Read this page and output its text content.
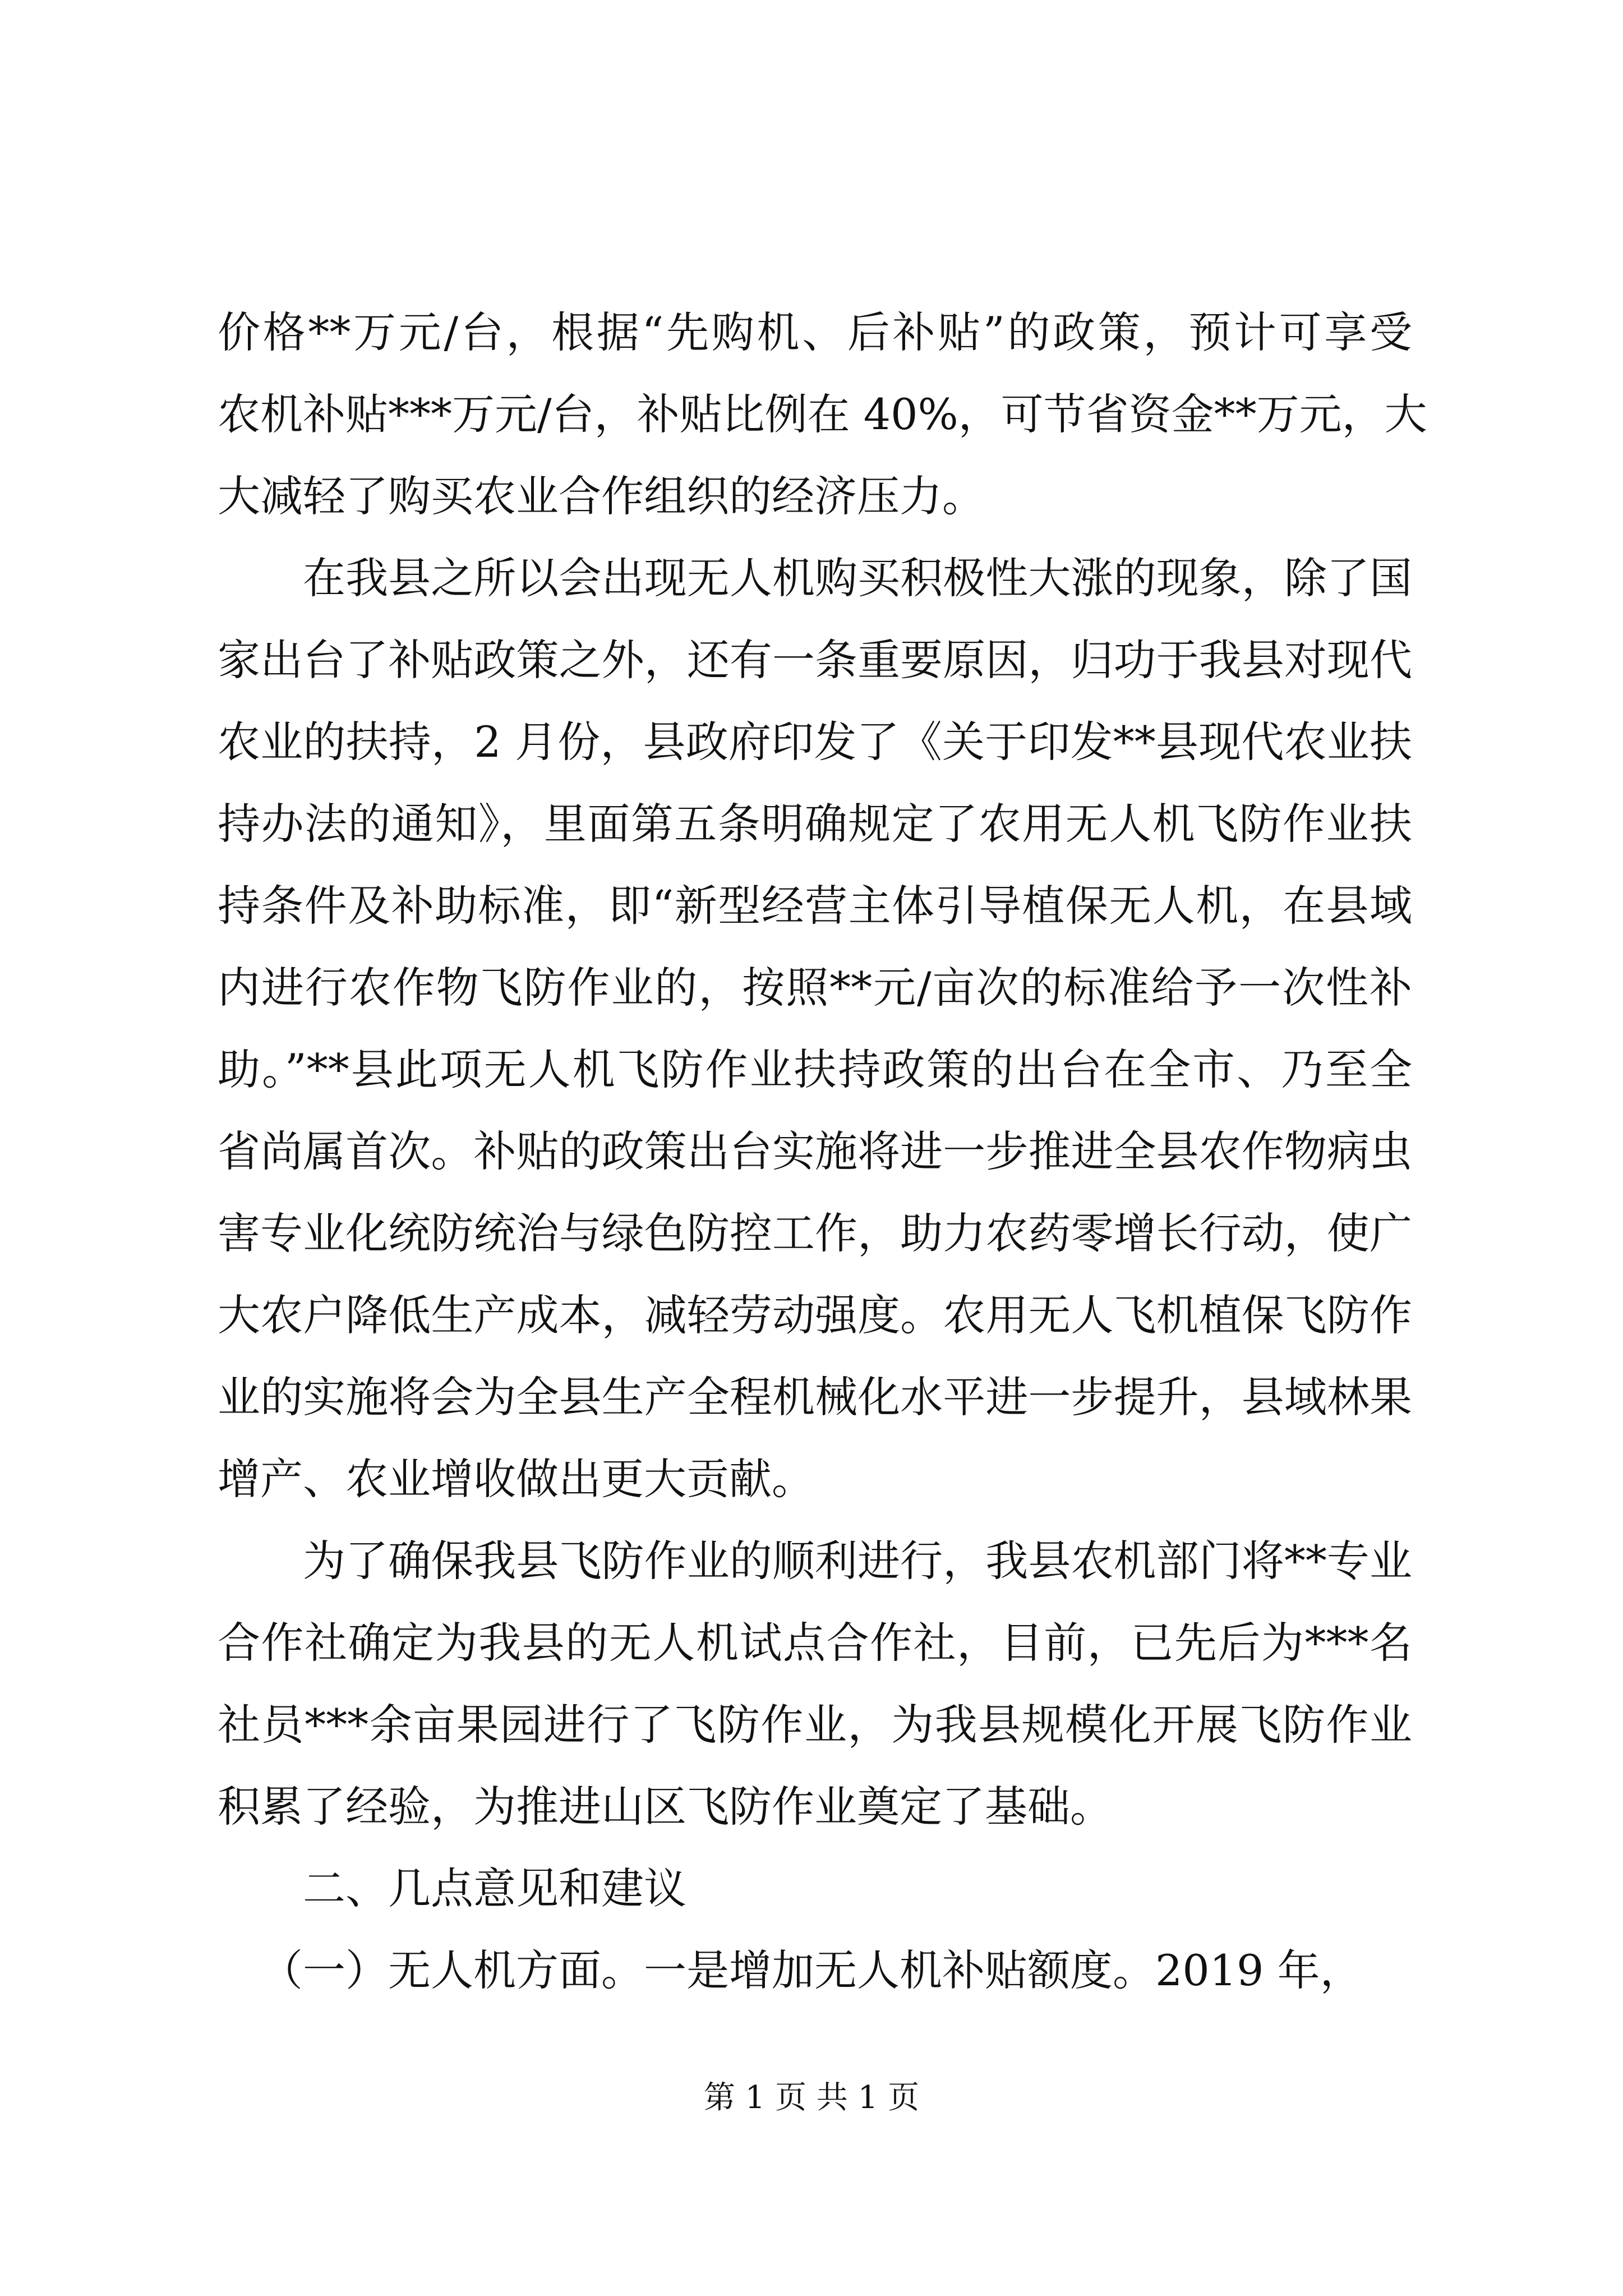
价格**万元/台，根据“先购机、后补贴”的政策，预计可享受
农机补贴***万元/台，补贴比例在 40%，可节省资金**万元，大
大减轻了购买农业合作组织的经济压力。
在我县之所以会出现无人机购买积极性大涨的现象，除了国
家出台了补贴政策之外，还有一条重要原因，归功于我县对现代
农业的扶持，2 月份，县政府印发了《关于印发**县现代农业扶
持办法的通知》，里面第五条明确规定了农用无人机飞防作业扶
持条件及补助标准，即“新型经营主体引导植保无人机，在县域
内进行农作物飞防作业的，按照**元/亩次的标准给予一次性补
助。”**县此项无人机飞防作业扶持政策的出台在全市、乃至全
省尚属首次。补贴的政策出台实施将进一步推进全县农作物病虫
害专业化统防统治与绿色防控工作，助力农药零增长行动，使广
大农户降低生产成本，减轻劳动强度。农用无人飞机植保飞防作
业的实施将会为全县生产全程机械化水平进一步提升，县域林果
增产、农业增收做出更大贡献。
为了确保我县飞防作业的顺利进行，我县农机部门将**专业
合作社确定为我县的无人机试点合作社，目前，已先后为***名
社员***余亩果园进行了飞防作业，为我县规模化开展飞防作业
积累了经验，为推进山区飞防作业奠定了基础。
二、几点意见和建议
（一）无人机方面。一是增加无人机补贴额度。2019 年，
第 1 页 共 1 页
